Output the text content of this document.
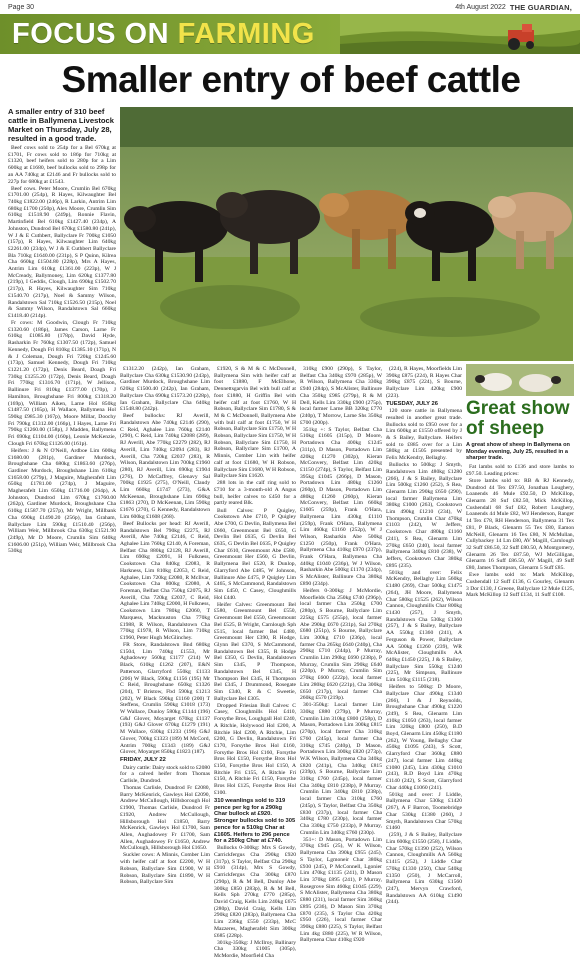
Page 30	4th August 2022 THE GUARDIAN,
FOCUS ON FARMING
Smaller entry of beef cattle

A smaller entry of 310 beef cattle in Ballymena Livestock Market on Thursday, July 28, resulted in a good trade.

Beef cows sold to 254p for a Bel 670kg at £1701, Fr cows sold to 186p for 710kg at £1320, beef heifers sold to 280p for a Lim 600kg at £1680, beef bullocks sold to 298p for an AA 740kg at £2146 and Fr bullocks sold to 227p for 680kg at £1543.

Beef cows. Peter Moore, Crumlin Bel 670kg £1701.00 (254p), R Hayes, Kilwaughter Bel 740kg £1822.00 (246p), R Larkin, Antrim Lim 680kg £1700 (250p), Alex Moore, Crumlin Sim 610kg £1518.90 (249p), Ronnie Flavin, Martinfield Bel 610kg £1427.40 (234p), A Johnston, Dundrod Bel 670kg £1580.80 (241p), W J & E Cuthbert, Ballyclare Fr 700kg £1050 (157p), R Hayes, Kilwaughter Lim 640kg £2261.00 (234p), W J & E Cuthbert Ballyclare Bla 710kg £1640.00 (231p), S P Quinn, Kilrea Cha 660kg £1504.80 (228p), Mrs A Hayes, Antrim Lim 610kg £1361.00 (223p), W J McCready, Ballymoney, Lim 620kg £1377.80 (219p), I Geddis, Clough, Lim 690kg £1502.70 (217p), R Hayes, Kilwaughter Sim 710kg £1540.70 (217p), Noel & Sammy Wilson, Randalstown Sal 710kg £1526.50 (215p), Noel & Sammy Wilson, Randalstown Sal 660kg £1418.40 (214p).

Fr cows: M Goodwin, Clough Fr 710kg £1320.60 (186p), James Carson, Larne Fr 610kg £1085.80 (178p), David Hyde, Rasharkin Fr 760kg £1307.50 (172p), Samuel Kennedy, Dough Fri 810kg £1385.10 (171p), N & J Coleman, Dough Fri 720kg £1245.60 (173p), Samuel Kennedy, Dough Fri 710kg £1221.20 (172p), Denis Beard, Doagh Fri 730kg £1255.20 (172p), Denis Beard, Doagh Fri 770kg £1316.70 (171p), W Jellison, Ballinure Fri 810kg £1377.00 (170p), J Hamilton, Broughshane Fri 800kg £1318.20 (169p), William Aiken, Larne Hol 850kg £1487.50 (165p), H Wallace, Ballymena Hol 590kg £985.30 (167p), Moore Millar, Doochy Fri 790kg £1312.00 (166p), I Hayes, Larne Fri 790kg £1260.00 (158p), J Madden, Ballymena Fri 690kg £1104.00 (160p), Leonie McKenzie, Clough Fri 670kg £1126.00 (161p).

Heifers: J & N O'Neill, Ardboe Lim 600kg £1680.00 (281p), Gardiner Murdock, Broughshane Cha 680kg £1863.60 (276p), Gardiner Murdock, Broughshane Lim 610kg £1658.00 (279p), J Maguire, Magherafelt Lim 650kg £1781.00 (274p), J Maguire, Magherafelt Lim 650kg £1716.00 (264p), A Johnston, Dundrod Lim 670kg £1760.00 (262p), Gardiner Murdock, Broughshane Cha 610kg £1587.70 (257p), Mr Wright, Millbank Cha 690kg £1490.20 (256p), Ian Graham, Ballyclare Lim 590kg £1510.40 (256p), William Weir, Millbrook Cha 630kg £1521.90 (249p), Mr D Moore, Crumlin Sim 640kg £1606.00 (251p), William Weir, Millbrook Cha 530kg

£1312.20 (242p), Ian Graham, Ballyclare Cha 630kg £1530.90 (243p), Gardiner Murdock, Broughshane Lim 620kg £1500.40 (242p), Ian Graham, Ballyclare Cha 690kg £1573.20 (228p), Ian Graham, Ballyclare Cha 640kg £1548.80 (242p).

Beef bullocks: RJ Averill, Randalstown Abe 740kg £2146 (290), C Reid, Aghalee Lim 760kg £2140 (290), C Reid, Lim 740kg £2088 (289), RJ Averill, Abe 770kg £2279 (282), RJ Averill, Lim 740kg £2094 (283), RJ Averill, Cha 720kg £2037 (283), R Wilson, Randalstown Lim 700kg £1960 (280), RJ Averill, Lim 690kg £1904 (276), D McCaffrey, Glenavy Sal 700kg £1925 (275), O'Neill, Claudy Lim 660kg £1747 (273), G&A McKeenan, Broughshane Lim 690kg £1863 (270), D McKeenan, Lim 590kg £1676 (270), G Kennedy, Randalstown Lim 600kg £1608 (268).

Beef Bullocks per head: RJ Averill, Randalstown Bel 790kg £2275, RJ Averill, Abe 740kg £2146, C Reid, Aghalee Lim 760kg £2140, A Foreman, Belfast Cha 880kg £2128, RJ Averill, Lim 690kg £2091, H Fulkness, Cookstown Cha 840kg £2083, R Harkness, Lim 810kg £2053, C Reid, Aghalee, Lim 720kg £2080, R McIlvar, Cookstown Cha 800kg £2080, A Foreman, Belfast Cha 750kg £2075, RJ Averill, Cha 720kg £2037, C Reid, Aghalee Lim 740kg £2000, H Fulkness, Cookstown Lim 780kg £2060, T Marquess, Macknuston Cha 770kg £1988, R Wilson, Randalstown Cha 770kg £1978, R Wilson, Lim 710kg £1960, Peter Hugh McGlinchey.

FR Store, Randalstown Bnd 680kg £1504, Lim 740kg £1553, Mr Aghadowey 560kg £1177 (214) W Black, 610kg £1262 (207), E&N Patterson, Glarryford 550kg £1133 (206) W Black, 590kg £1156 (195) Mr C Reid, Broughshane 650kg £1326 (204), T Bristow, Fbd 590kg £1213 (202), W Black 590kg £1160 (200) T Steffens, Crumlin 590kg £1018 (173) W Wallace, Dunloy 580kg £1144 (196) G&J Glover, Moyarget 670kg £1137 (193) G&J Glover 670kg £1279 (191) M Wallace, 630kg £1233 (196) G&J Glover, 700kg £1323 (189) M McCord, Antrim 700kg £1343 (189) G&J Glover, Moyarget 850kg £1823 (187).

FRIDAY, JULY 22

Dairy cattle: Dairy stock sold to £2080 for a calved heifer from Thomas Carlisle, Dundrod.

Thomas Carlisle, Dundrod Fr £2080, Barry McKenrick, Gawleys Hol £2090, Andrew McCullough, Hillsborough Hol £1900, Thomas Carlisle, Dundrod Fr £1920, Andrew McCullough, Hillsborough Hol £1850, Barry McKenrick, Gawleys Hol £1700, Sam Allen, Aughadowey Fr £1700, Sam Allen, Aughadowey Fr £1650, Andrew McCullough, Hillsborough Hol £1650.

Suckler cows: A Minnis, Comber Lim with heifer calf at foot £2200, W H Robson, Ballyclare Sim £1900, W H Robson, Ballyclare Sim £1890, W H Robson, Ballyclare Sim

£1920, S & M & C McDonnell, Ballymena Sim with heifer calf at foot £1880, F McElhone, Dennettsgarvin Bel with bull calf at foot £1880, H Griffin Bel with heifer calf at foot £1760, W H Robson, Ballyclare Sim £1780, S & M & C McDonnell, Ballymena Abe with bull calf at foot £1750, W H Robson, Ballyclare Sim £1750, W H Robson, Ballyclare Sim £1750, W H Robson, Ballyclare Sim £1750, H Robson, Ballyclare Sim £1700, A Minnis, Comber Lim with heifer calf at foot £1680, W H Robson, Ballyclare Sim £1680, W H Robson, Ballyclare Sim £1620.

288 lots in the calf ring sold to £710 for a 3-month-old A Angus bull, heifer calves to £450 for a partly reared Blk.

Bull Calves: P Quigley, Cookstown Abe £710, P Quigley Abe £700, G Devlin, Ballymena Bel £660, Greenmount Bel £650, G Devlin Bel £635, G Devlin Bel £635, G Devlin Bel £635, P Quigley Char £610, Greenmount Abe £580, Greenmount Her £560, G Devlin, Ballymena Bel £520, R Dunlop, Glarryford Abe £485, W Johnson, Ballinure Abe £475, P Quigley Lim £465, S McCammond, Randalstown Sim £450, C Casey, Cloughmills Hol £440.

Heifer Calves: Greenmount Bel £580, Greenmount Bel £550, Greenmount Bel £550, Greenmount Bel £525, B Wright, Carnlough Sph £515, local farmer Bel £480, Greenmount Her £390, R Hodge, Glynn Bel £370, S McCammond, Randalstown Bel £355, R Hodge Bel £350, G Devlin, Randalstown Sim £345, P Thompson, Randalstown Bel £345, H Thompson Bel £345, H Thompson Bel £345, J Drummond, Rosegate Sim £340, R & C Sweetie, Ballyclare Bel £305.

Dropped Friesian Bull Calves: C Casey, Cloughmills Hol £410, Forsythe Bros, Loughgall Hol £240, A Ritchie, Holywood Hol £200, A Ritchie Hol £200, A Ritchie, Lim £200, G Devlin, Randalstown Fri £170, Forsythe Bros Hol £160, Forsythe Bros Hol £160, Forsythe Bros Hol £150, Forsythe Bros Hol £150, Forsythe Bros Hol £150, A Ritchie Fri £155, A Ritchie Fri £150, A Ritchie Fri £150, Forsythe Bros Hol £125, Forsythe Bros Hol £100.

310 weanlings sold to 319 pence per kg for a 290kg Char bullock at £920. Stronger bullocks sold to 305 pence for a 510kg Char at £1605. Heifers to 296 pence for a 250kg Char at £740.

Bullocks 0-300kg: Mrs S Gowdy, Carrickfergus Cha 290kg £920 (317p), S Taylor, Belfast Cha 290kg £910 (314p), Mrs S Gowdy, Carrickfergus Cha 300kg £870 (290p), R & M Bell, Dunloy Abe 300kg £850 (283p), R & M Bell, Kells Sph 270kg £770 (285p), David Craig, Kells Lim 240kg £675 (280p), David Craig, Kells Lim 290kg £820 (283p), Ballymena Cha Lim 236kg £550 (233p), McC Mazzeres, Magherafelt Sim 300kg £685 (228p).

301kg-350kg: J McIlroy, Ballinary Cha 330kg £1005 (305p), McMordie, Moorfield Cha

310kg £900 (290p), S Taylor, Belfast Cha 340kg £970 (285p), W R Wilson, Ballymena Cha 330kg £940 (284p), S McAlister, Ballinure Cha 350kg £985 (279p), R & M Dell, Kells Lim 330kg £900 (275p), local farmer Larne BB 320kg £770 (240p), T Morrow, Larne Shs 350kg £700 (200p).

351kg +: S Taylor, Belfast Cha 510kg £1605 (315p), D Moore, Portadown Cha 400kg £1245 (311p), D Mason, Portadown Lim 420kg £1270 (302p), Kieran McConvery, Belfast Lim 420kg £1150 (274p), S Taylor, Belfast Lim 395kg £1045 (266p), D Mason, Portadown Lim 480kg £1260 (260p), D Mason, Portadown Lim 480kg £1260 (260p), Kieran McConvery, Belfast Lim 660kg £1605 (259p), Frank O'Hara, Ballymena Lim 430kg £1110 (259p), Frank O'Hara, Ballymena Lim 460kg £1160 (252p), W J Wilson, Rasharkin Abe 500kg £1250 (250p), Frank O'Hara, Ballymena Cha 410kg £970 (237p), Frank O'Hara, Ballymena Cha 440kg £1040 (236p), W J Wilson, Rasharkin Abe 500kg £1170 (234p), S McAlister, Ballinure Cha 380kg £890 (234p).

Heifers 0-300kg: J McMordie, Moorfields Cha 250kg £740 (296p), local farmer Cha 250kg £700 (280p), S Bourne, Ballyclare Lim 225kg £575 (255p), local farmer Abe 290kg £670 (231p), Sal 270kg £680 (251p), S Bourne, Ballyclare Lim 300kg £710 (236p), local farmer Cha 265kg £640 (240p), Cha 290kg £710 (244p), P Murray, Crumlin Lim 290kg £690 (238p), P Murray, Crumlin Sim 290kg £640 (220p), P Murray, Crumlin Sim 270kg £600 (222p), local farmer Lim 280kg £620 (221p), Cha 300kg £650 (217p), local farmer Cha 260kg £570 (219p).

301-350kg: Local farmer Lim 330kg £880 (279p), P Murray, Crumlin Lim 310kg £800 (258p), D Mason, Portadown Lim 300kg £815 (270p), local farmer Cha 310kg £760 (245p), local farmer Cha 310kg £745 (240p), D Mason, Portadown Lim 300kg £820 (273p), W.K Wilson, Ballymena Cha 340kg £820 (241p), Cha 340kg £815 (239p), S Bourne, Ballyclare Lim 310kg £760 (245p), local farmer Cha 340kg £810 (238p), P Murray, Crumlin Lim 340kg £810 (238p), local farmer Cha 310kg £760 (245p), S Taylor, Belfast Cha 350kg £830 (237p), local farmer Cha 340kg £780 (230p), local farmer Cha 330kg £750 (233p), P Murray, Crumlin Lim 340kg £760 (230p).

351+: D Mason, Portadown Lim 370kg £945 (25), W K Wilson, Ballymena Cha 390kg £955 (245), S Taylor, Lgmoneir Char 380kg £930 (245), P McConnell, Lgonier Lim 470kg £1135 (241), D Mason Lim 370kg £895 (241), P Murray, Rosegrove Sim 460kg £1045 (229), S McAlister, Ballymena Cha 380kg £880 (231), local farmer Sim 360kg £895 (236), D Mason Sim 370kg £870 (235), S Taylor Cha 420kg £950 (226), local farmer Char 390kg £880 (225), S Taylor, Belfast Lim 4kg £880 (225), W R Wilson, Ballymena Char 410kg £920

(224), R Hayes, Moorfields Lim 390kg £875 (224), R Hayes Char 390kg £875 (224), S Bourne, Ballyclare Lim 420kg £900 (223).

TUESDAY, JULY 26

120 store cattle in Ballymena resulted in another great trade. Bullocks sold to £950 over for a Lim 600kg at £1550 offered by J & S Bailey, Ballyclare. Heifers sold to £885 over for a Lim 580kg at £1505 presented by Felix McKendry, Bellaghy.

Bullocks to 500kg: J Smyth, Randalstown Lim 480kg £1280 (266), J & S Bailey, Ballyclare Lim 500kg £1260 (252), S Rea, Glenarm Lim 290kg £650 (290), local farmer Ballymena Lim 380kg £1000 (263), Cookstown Lim 490kg £1210 (234), W Thompson, Crumlin Char 470kg £1103 (242), W Jeffers, Cookstown Char 480kg £1160 (241), S Rea, Glenarm Lim 270kg £650 (240), local farmer Ballymena 340kg £810 (238), W Jeffers, Cookstown Char 380kg £895 (235).

501kg and over: Felix McKendry, Bellaghy Lim 560kg £1480 (269), Char 500kg £1475 (264), JH Moore, Ballymena Char 580kg £1525 (262), Wilson Cannon, Cloughmills Char 800kg £1430 (257), J Smyth, Randalstown Cha 530kg £1360 (257), J & S Bailey, Ballyclare AA 550kg £1360 (241), A Ferguson & Power, Ballyclare AA 500kg £1260 (239), WR McAlister, Cloughmills AA 640kg £1450 (225), J & S Bailey, Ballyclare Sim 550kg £1240 (225), Mr Simpson, Ballinure Lim 510kg £1115 (218).

Heifers to 500kg: D Moore, Ballyclare Char 490kg £1340 (266), I & J Reynolds, Broughshane Char 490kg £1220 (249), S Rea, Glenarm Lim 410kg £1050 (263), local farmer Lim 320kg £800 (250), B.D Boyd, Glenarm Lim 450kg £1180 (262), W Young, Bellaghy Char 450kg £1095 (243), S Scott, Glarryford Char 360kg £880 (247), local farmer Lim 440kg £1080 (245), Lim 430kg £1010 (243), R.D Boyd Lim 470kg £1140 (242), S Scott, Glarryford Char 440kg £1060 (241).

501kg and over: J Liddle, Ballymena Char 530kg £1420 (267), A F Barron, Toomebridge Char 530kg £1380 (260), J Smyth, Randalstown Char 570kg £1460

(259), J & S Bailey, Ballyclare Lim 600kg £1550 (258), J Liddle, Char 570kg £1390 (252), Wilson Cannon, Cloughmills AA 560kg £1415 (252), J Liddle Char 570kg £1330 (250), Char 540kg £1350 (250), J McCarroll, Ballymena Lim 630kg £1560 (247), Mervyn Crawford, Randalstown AA 610kg £1490 (244).

Great show of sheep

A great show of sheep in Ballymena on Monday evening, July 25, resulted in a sharper trade.

Fat lambs sold to £136 and store lambs to £97.50. Leading prices:

Store lambs sold to: RB & RJ Kennedy, Dundrod 44 Tex £97.50, Jonathan Loughery, Loanends 46 Mule £92.50, D McKillop, Glenarm 28 Suf £82.50, Mick McKillop, Cushendall 68 Suf £82, Robert Loughery, Loanends 44 Mule £82, WJ Henderson, Ranger 14 Tex £78, RH Henderson, Ballymena 31 Tex £81, P Black, Glenarm 55 Tex £80, Eamon McNeill, Glenarm 16 Tex £80, N McMullan, Cullybackey 14 Lm £80, AV Magill, Carnlough 32 Suff £86.50, 32 Suff £80.50, A Montgomery, Glenarm 26 Tex £87.50, WJ McGilligan, Glenarm 16 Suff £86.50, AV Magill, 49 Suff £80, James Thompson, Glenarm 5 Suff £85.

Ewe lambs sold to: Mark McKillop, Cushendall 12 Suff £136, G Gourley, Glenarm 3 Dor £130, J Greene, Ballyclare 12 Mule £125, Mark McKillop 12 Suff £134, 11 Suff £108.
